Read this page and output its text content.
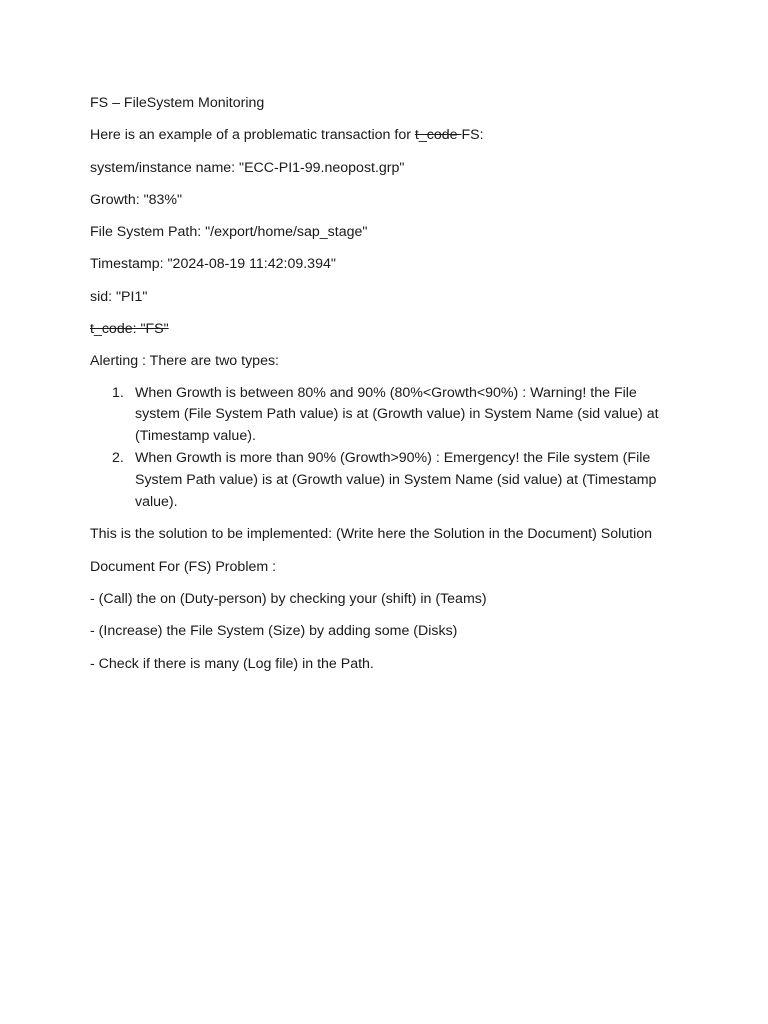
FS – FileSystem Monitoring

Here is an example of a problematic transaction for t_code FS:

system/instance name: "ECC-PI1-99.neopost.grp"

Growth: "83%"

File System Path: "/export/home/sap_stage"

Timestamp: "2024-08-19 11:42:09.394"

sid: "PI1"

t_code: "FS"

Alerting : There are two types:

1. When Growth is between 80% and 90% (80%<Growth<90%) : Warning! the File system (File System Path value) is at (Growth value) in System Name (sid value) at (Timestamp value).
2. When Growth is more than 90% (Growth>90%) : Emergency! the File system (File System Path value) is at (Growth value) in System Name (sid value) at (Timestamp value).

This is the solution to be implemented: (Write here the Solution in the Document) Solution

Document For (FS) Problem :

- (Call) the on (Duty-person) by checking your (shift) in (Teams)

- (Increase) the File System (Size) by adding some (Disks)

- Check if there is many (Log file) in the Path.
